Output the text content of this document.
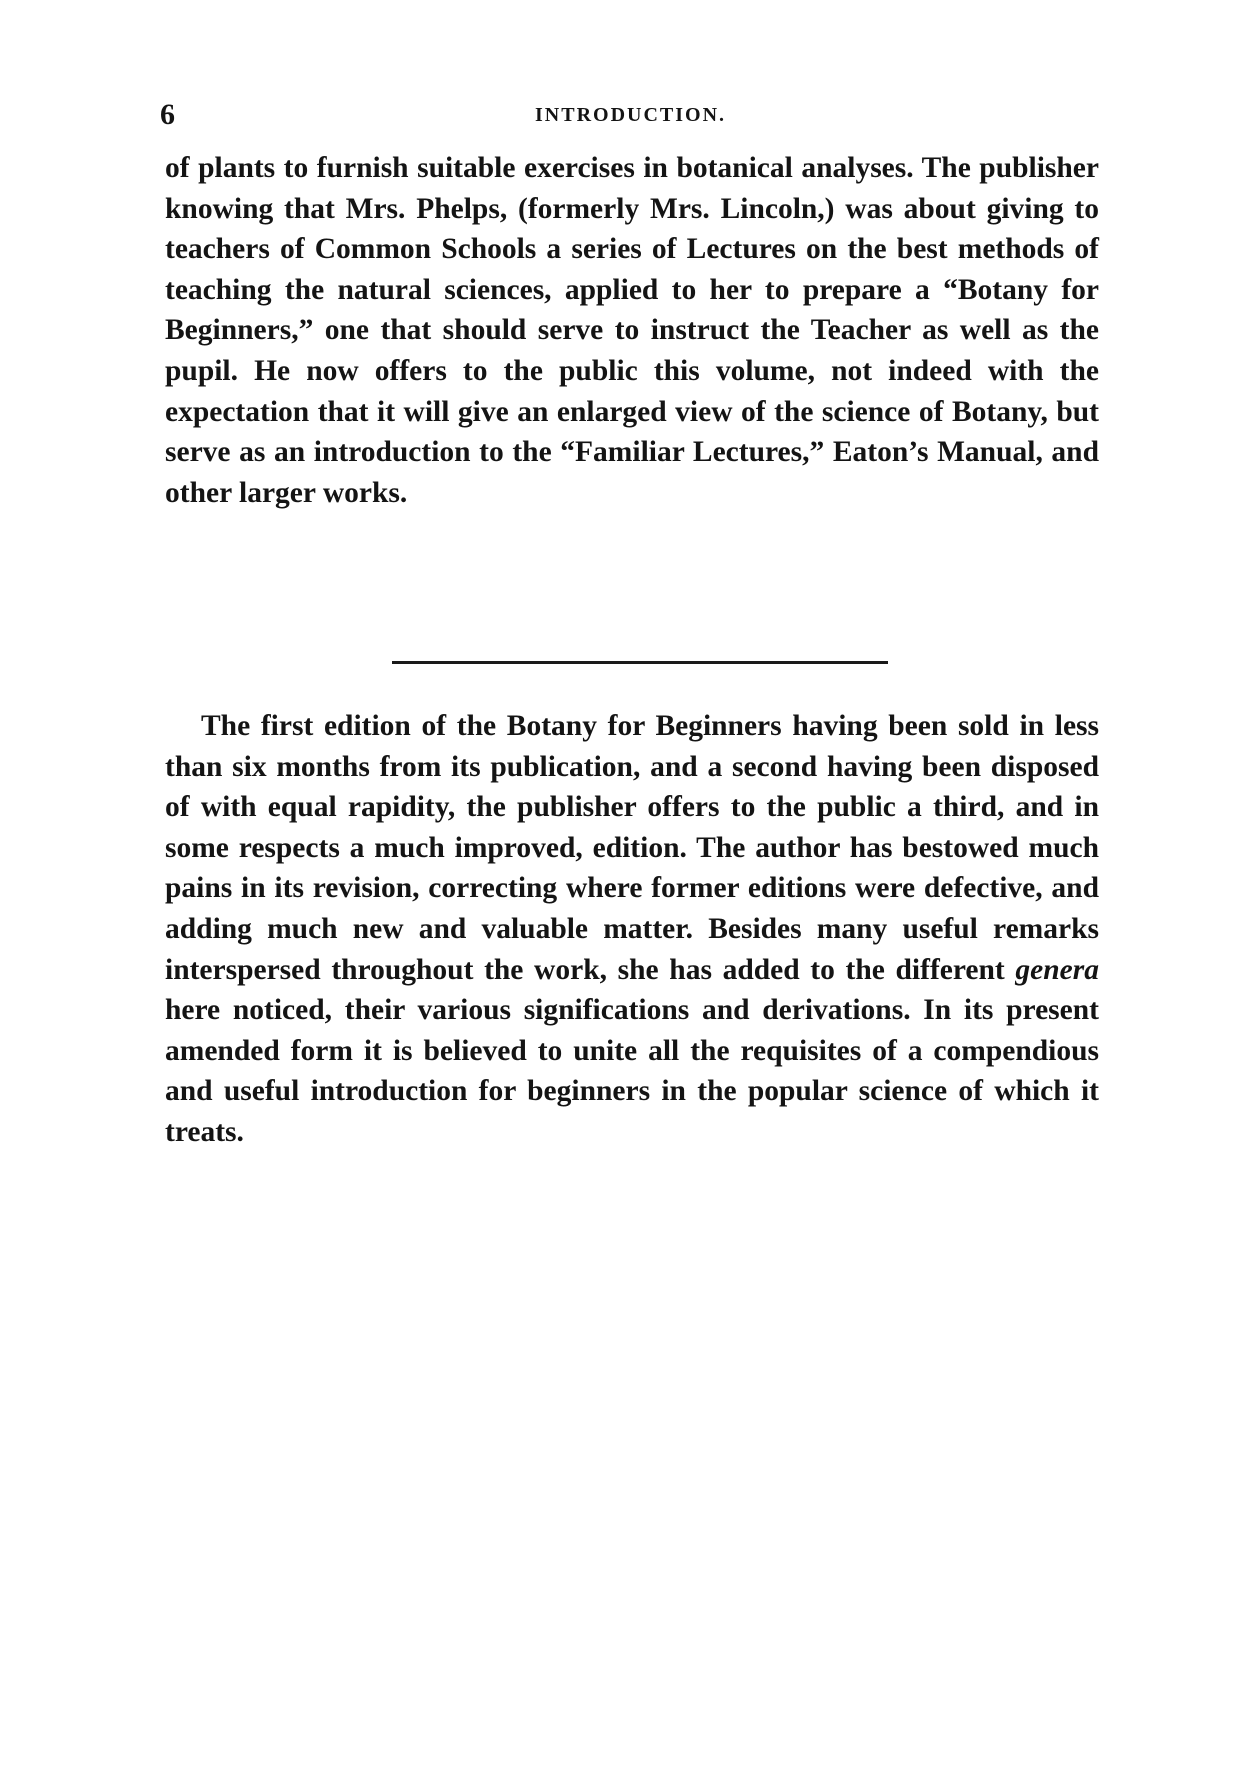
6	INTRODUCTION.

of plants to furnish suitable exercises in botanical analyses. The publisher knowing that Mrs. Phelps, (formerly Mrs. Lincoln,) was about giving to teachers of Common Schools a series of Lectures on the best methods of teaching the natural sciences, applied to her to prepare a “Botany for Beginners,” one that should serve to instruct the Teacher as well as the pupil. He now offers to the public this volume, not indeed with the expectation that it will give an enlarged view of the science of Botany, but serve as an introduction to the “Familiar Lectures,” Eaton’s Manual, and other larger works.

The first edition of the Botany for Beginners having been sold in less than six months from its publication, and a second having been disposed of with equal rapidity, the publisher offers to the public a third, and in some respects a much improved, edition. The author has bestowed much pains in its revision, correcting where former editions were defective, and adding much new and valuable matter. Besides many useful remarks interspersed throughout the work, she has added to the different genera here noticed, their various significations and derivations. In its present amended form it is believed to unite all the requisites of a compendious and useful introduction for beginners in the popular science of which it treats.
